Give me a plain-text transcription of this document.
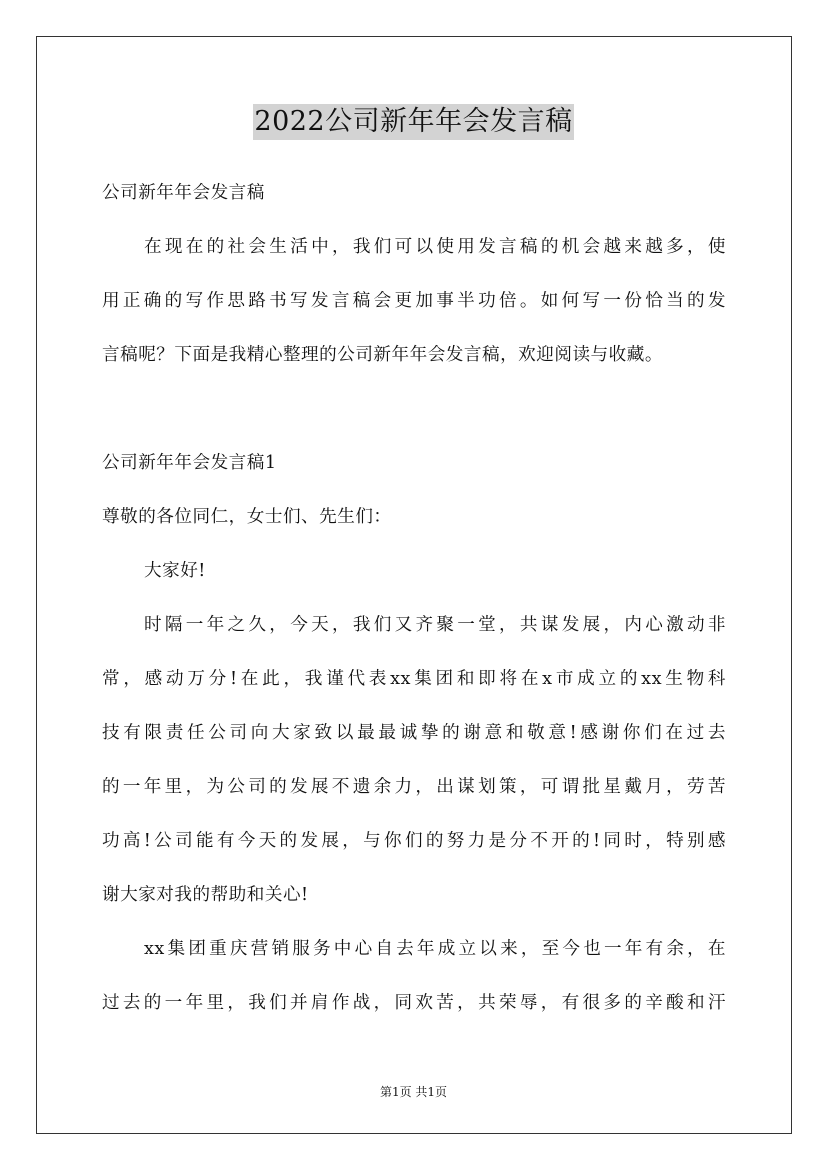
2022公司新年年会发言稿
公司新年年会发言稿
在现在的社会生活中，我们可以使用发言稿的机会越来越多，使
用正确的写作思路书写发言稿会更加事半功倍。如何写一份恰当的发
言稿呢？下面是我精心整理的公司新年年会发言稿，欢迎阅读与收藏。
公司新年年会发言稿1
尊敬的各位同仁，女士们、先生们：
大家好!
时隔一年之久，今天，我们又齐聚一堂，共谋发展，内心激动非
常，感动万分!在此，我谨代表xx集团和即将在x市成立的xx生物科
技有限责任公司向大家致以最最诚挚的谢意和敬意!感谢你们在过去
的一年里，为公司的发展不遗余力，出谋划策，可谓批星戴月，劳苦
功高!公司能有今天的发展，与你们的努力是分不开的!同时，特别感
谢大家对我的帮助和关心!
xx集团重庆营销服务中心自去年成立以来，至今也一年有余，在
过去的一年里，我们并肩作战，同欢苦，共荣辱，有很多的辛酸和汗
第1页 共1页
